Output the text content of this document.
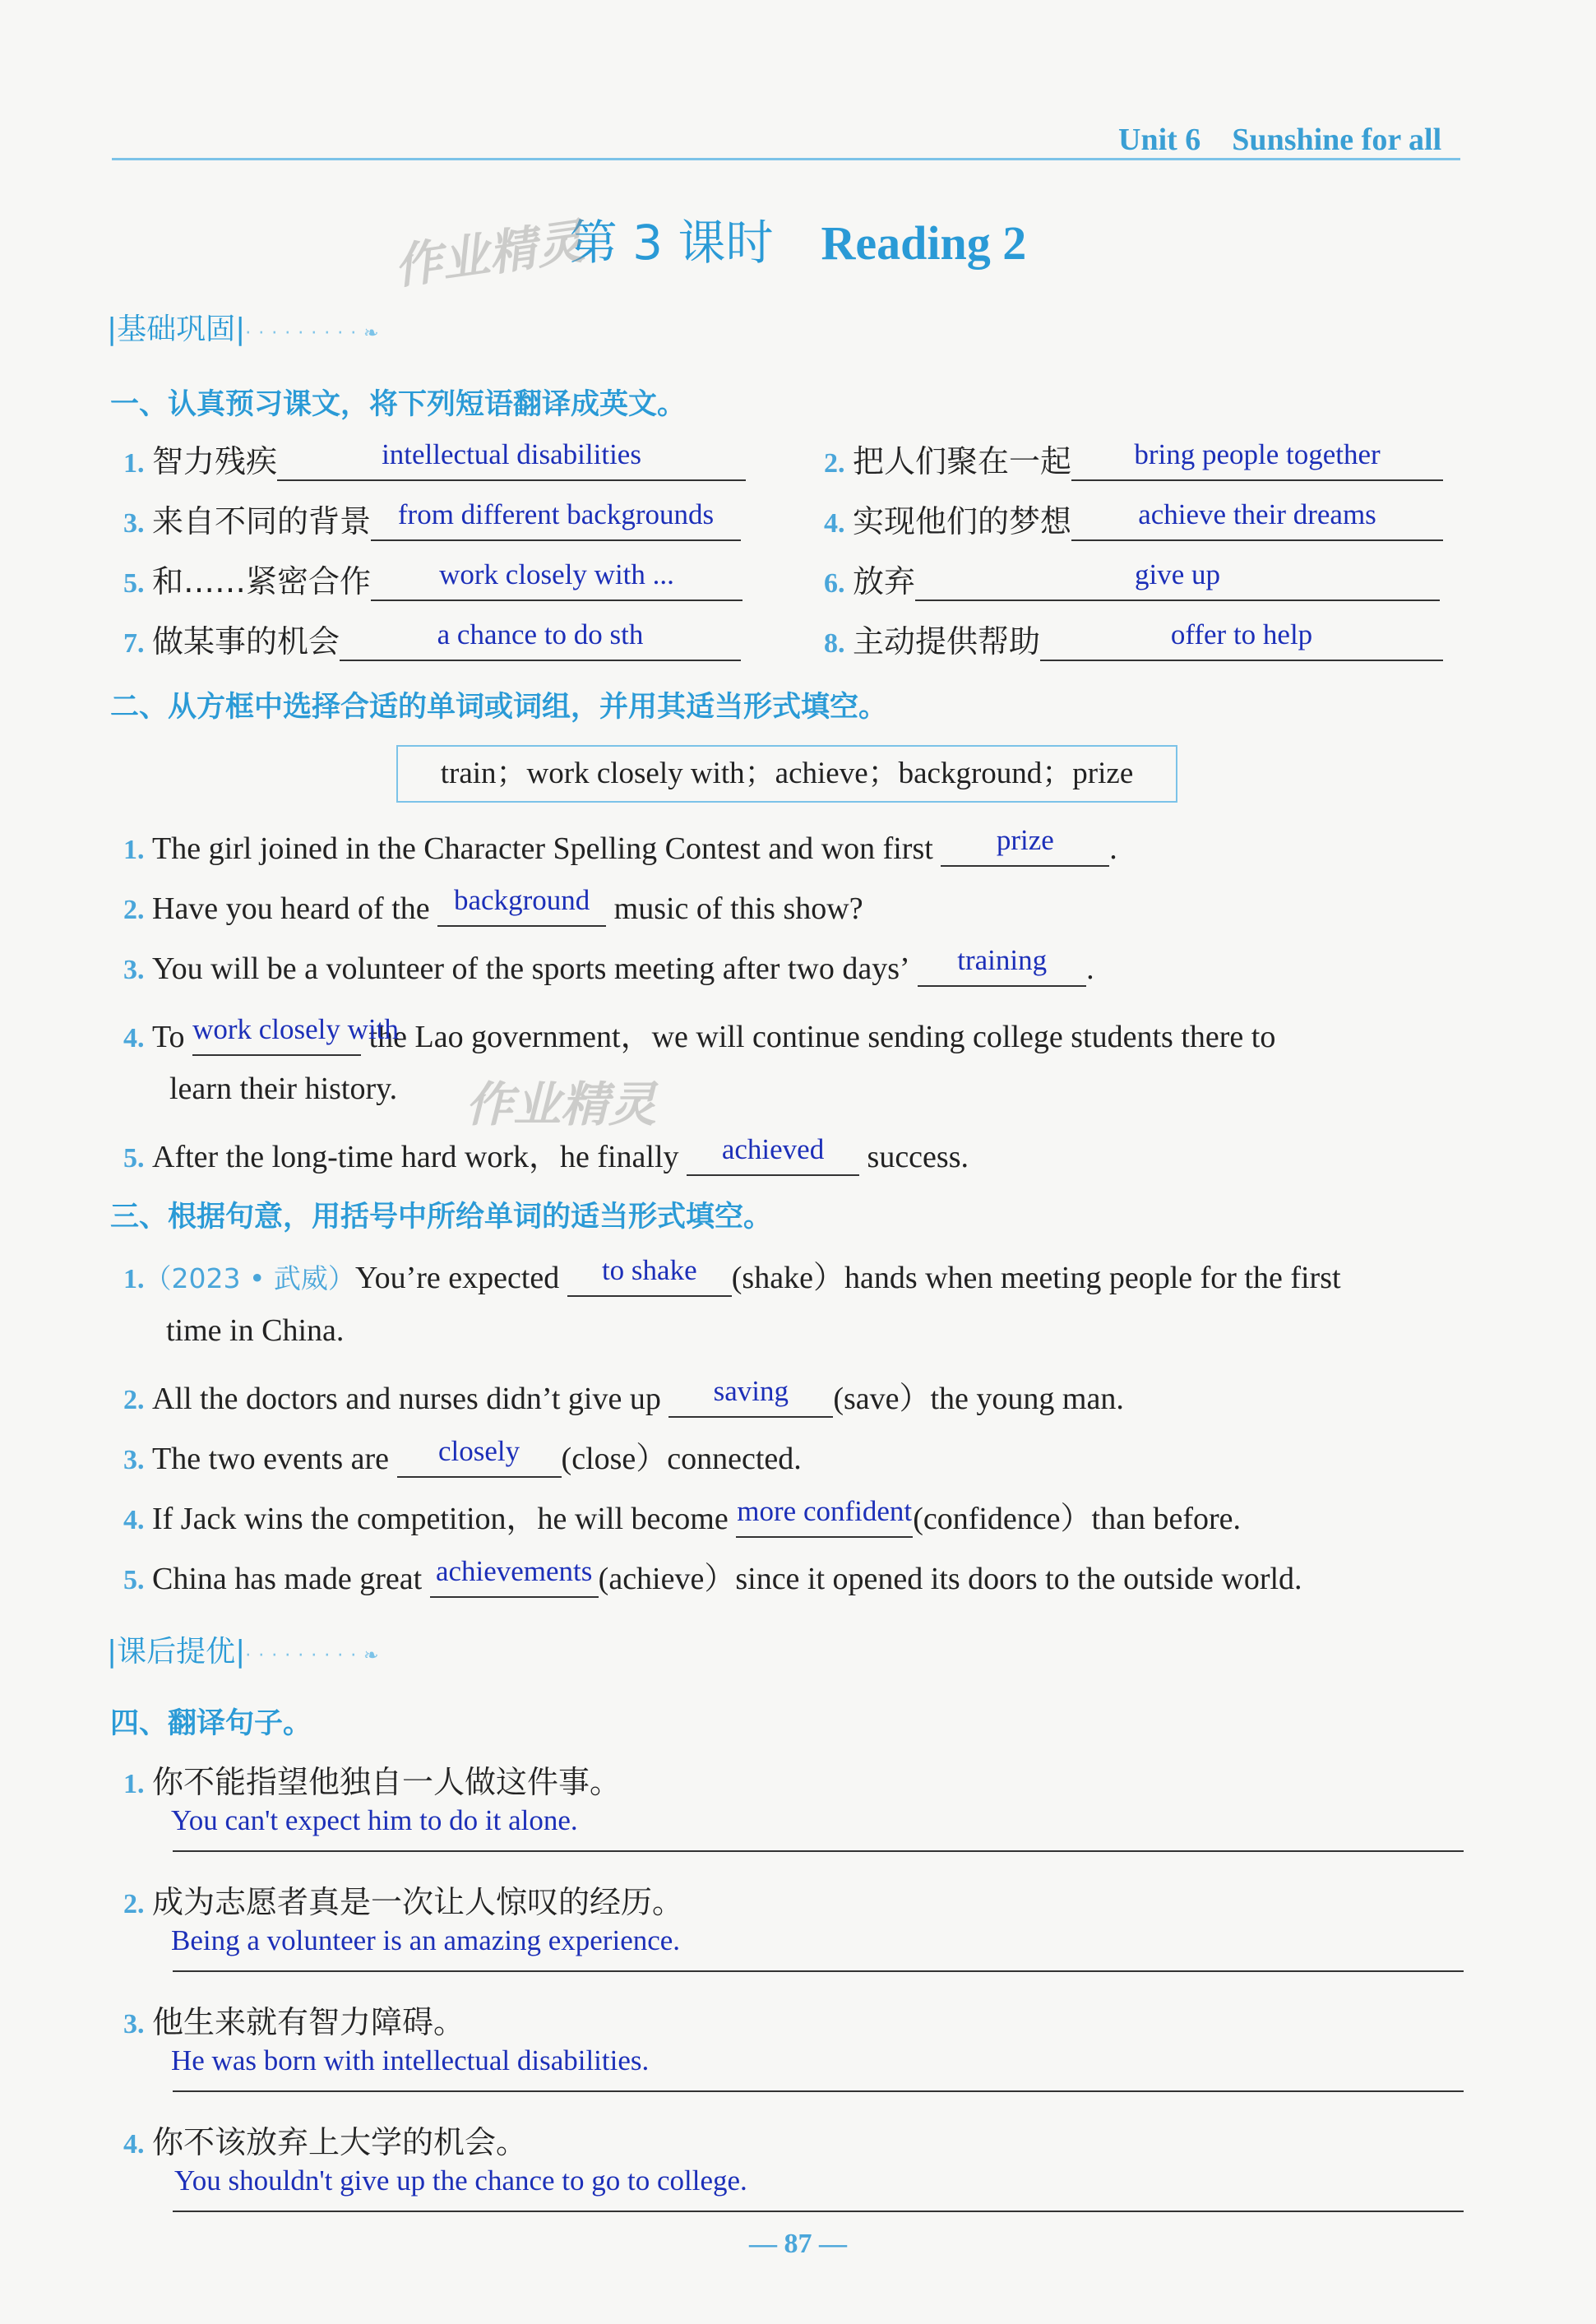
Unit 6 Sunshine for all
第 3 课时 Reading 2
作业精灵
|基础巩固|· · · · · · · · · ❧
一、认真预习课文，将下列短语翻译成英文。
1. 智力残疾	intellectual disabilities	2. 把人们聚在一起	bring people together
3. 来自不同的背景 from different backgrounds	4. 实现他们的梦想	achieve their dreams
5. 和……紧密合作	work closely with ...	6. 放弃	give up
7. 做某事的机会	a chance to do sth	8. 主动提供帮助	offer to help
二、从方框中选择合适的单词或词组，并用其适当形式填空。
train；work closely with；achieve；background；prize
1. The girl joined in the Character Spelling Contest and won first	prize	.
2. Have you heard of the background music of this show?
3. You will be a volunteer of the sports meeting after two days’	training	.
4. To work closely with
the Lao government，we will continue sending college students there to
learn their history. 作业精灵
5. After the long-time hard work，he finally	achieved	success.
三、根据句意，用括号中所给单词的适当形式填空。
1.（2023 • 武威）You’re expected	to shake	(shake）hands when meeting people for the first
time in China.
2. All the doctors and nurses didn’t give up	saving	(save）the young man.
3. The two events are	closely	(close）connected.
4. If Jack wins the competition，he will become more confident (confidence）than before.
5. China has made great achievements (achieve）since it opened its doors to the outside world.
|课后提优|· · · · · · · · · ❧
四、翻译句子。
1. 你不能指望他独自一人做这件事。
You can't expect him to do it alone.
2. 成为志愿者真是一次让人惊叹的经历。
Being a volunteer is an amazing experience.
3. 他生来就有智力障碍。
He was born with intellectual disabilities.
4. 你不该放弃上大学的机会。
You shouldn't give up the chance to go to college.
— 87 —
